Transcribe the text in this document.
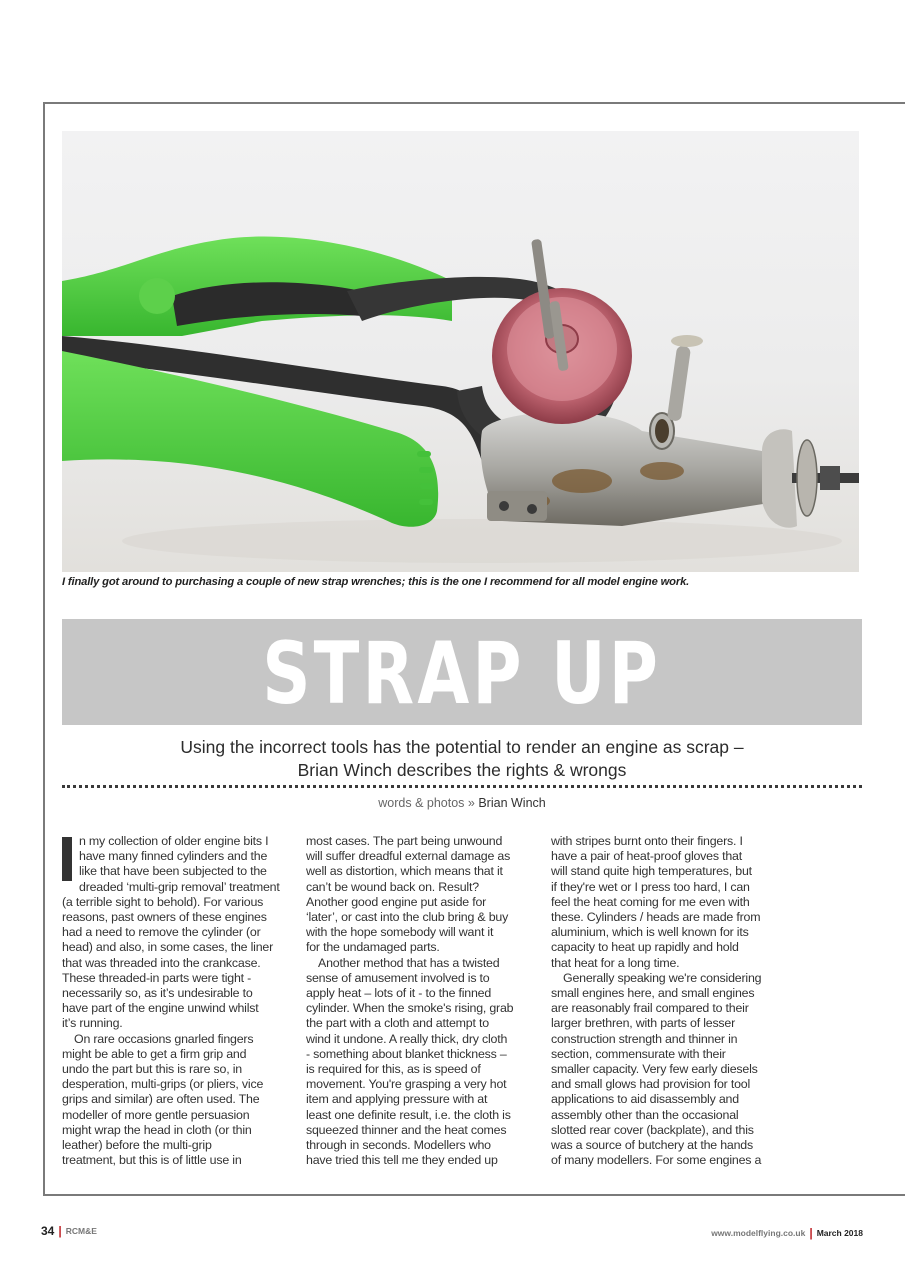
I finally got around to purchasing a couple of new strap wrenches; this is the one I recommend for all model engine work.
STRAP UP
Using the incorrect tools has the potential to render an engine as scrap –
Brian Winch describes the rights & wrongs
words & photos » Brian Winch

n my collection of older engine bits I
have many finned cylinders and the
like that have been subjected to the
dreaded ‘multi-grip removal’ treatment
(a terrible sight to behold). For various
reasons, past owners of these engines
had a need to remove the cylinder (or
head) and also, in some cases, the liner
that was threaded into the crankcase.
These threaded-in parts were tight -
necessarily so, as it’s undesirable to
have part of the engine unwind whilst
it’s running.

On rare occasions gnarled fingers
might be able to get a firm grip and
undo the part but this is rare so, in
desperation, multi-grips (or pliers, vice
grips and similar) are often used. The
modeller of more gentle persuasion
might wrap the head in cloth (or thin
leather) before the multi-grip
treatment, but this is of little use in

most cases. The part being unwound
will suffer dreadful external damage as
well as distortion, which means that it
can’t be wound back on. Result?
Another good engine put aside for
‘later’, or cast into the club bring & buy
with the hope somebody will want it
for the undamaged parts.

Another method that has a twisted
sense of amusement involved is to
apply heat – lots of it - to the finned
cylinder. When the smoke's rising, grab
the part with a cloth and attempt to
wind it undone. A really thick, dry cloth
- something about blanket thickness –
is required for this, as is speed of
movement. You're grasping a very hot
item and applying pressure with at
least one definite result, i.e. the cloth is
squeezed thinner and the heat comes
through in seconds. Modellers who
have tried this tell me they ended up

with stripes burnt onto their fingers. I
have a pair of heat-proof gloves that
will stand quite high temperatures, but
if they're wet or I press too hard, I can
feel the heat coming for me even with
these. Cylinders / heads are made from
aluminium, which is well known for its
capacity to heat up rapidly and hold
that heat for a long time.

Generally speaking we're considering
small engines here, and small engines
are reasonably frail compared to their
larger brethren, with parts of lesser
construction strength and thinner in
section, commensurate with their
smaller capacity. Very few early diesels
and small glows had provision for tool
applications to aid disassembly and
assembly other than the occasional
slotted rear cover (backplate), and this
was a source of butchery at the hands
of many modellers. For some engines a

34 | RCM&E	www.modelflying.co.uk | March 2018
